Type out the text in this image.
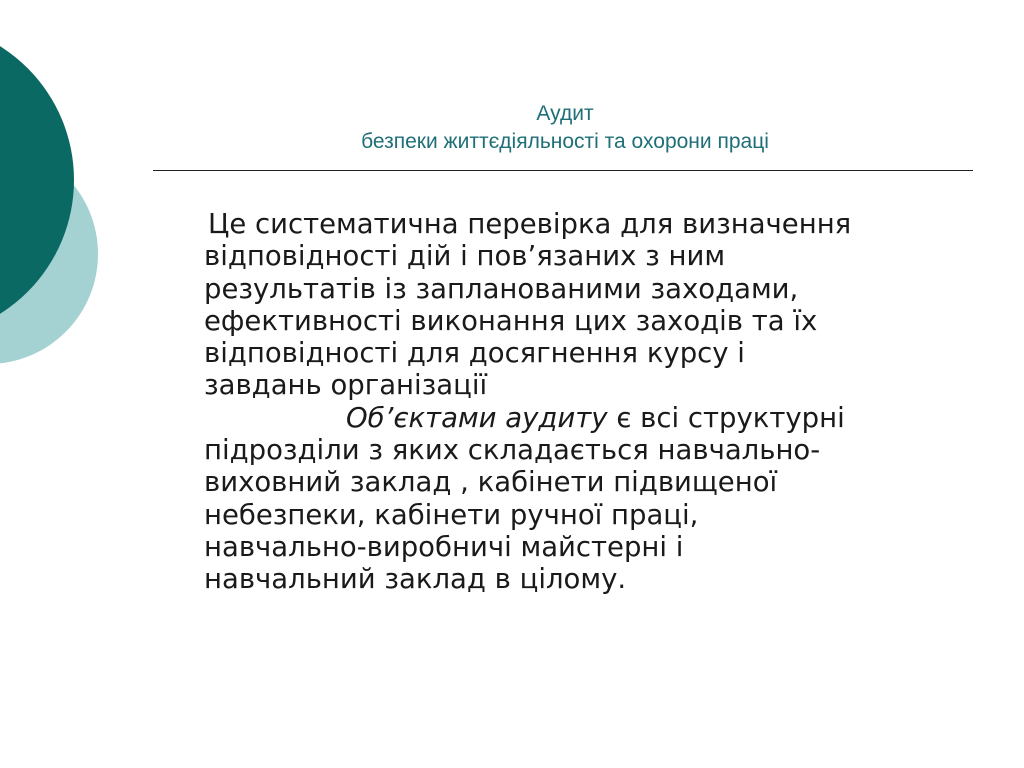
Аудит
безпеки життєдіяльності та охорони праці

Це систематична перевірка для визначення
відповідності дій і пов’язаних з ним
результатів із запланованими заходами,
ефективності виконання цих заходів та їх
відповідності для досягнення курсу і
завдань організації

Об’єктами аудиту є всі структурні
підрозділи з яких складається навчально-
виховний заклад , кабінети підвищеної
небезпеки, кабінети ручної праці,
навчально-виробничі майстерні і
навчальний заклад в цілому.
